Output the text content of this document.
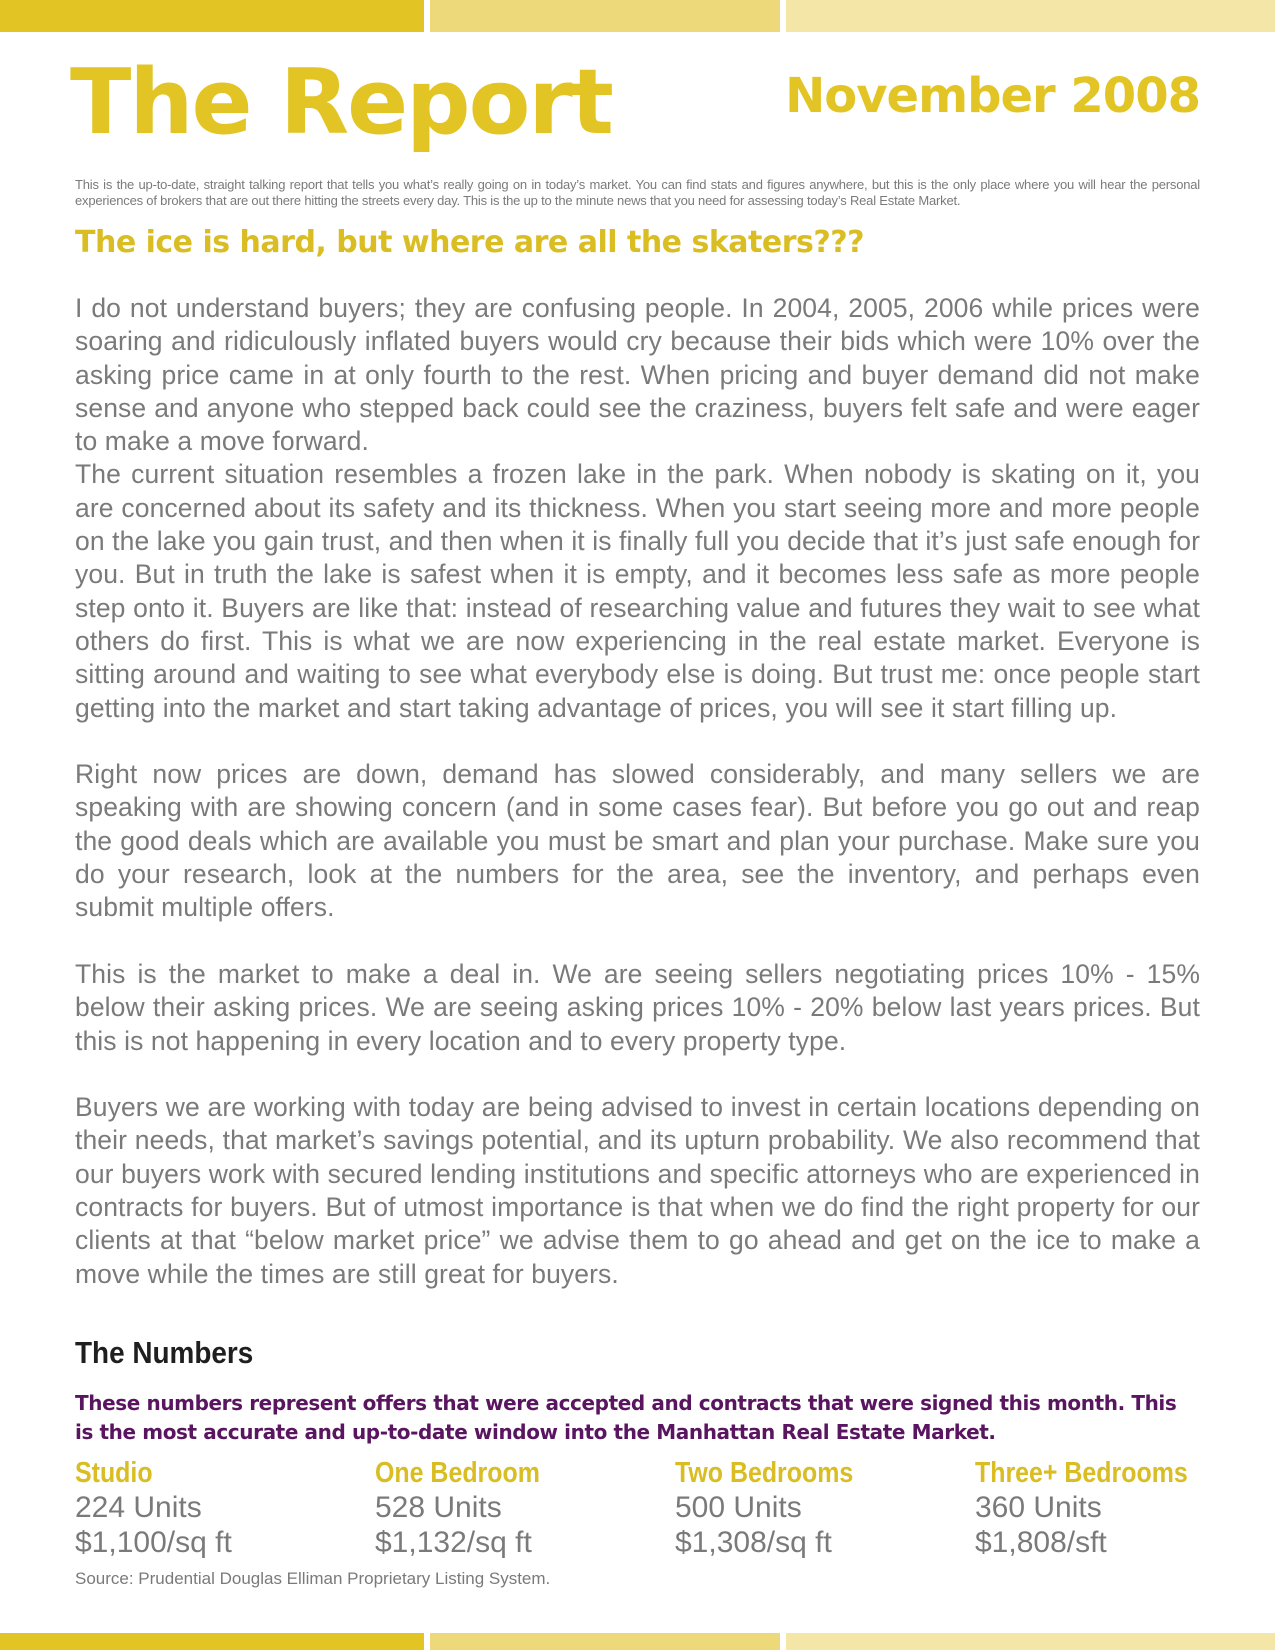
The Report	November 2008
This is the up-to-date, straight talking report that tells you what’s really going on in today’s market. You can find stats and figures anywhere, but this is the only place where you will hear the personal experiences of brokers that are out there hitting the streets every day. This is the up to the minute news that you need for assessing today’s Real Estate Market.
The ice is hard, but where are all the skaters???

I do not understand buyers; they are confusing people. In 2004, 2005, 2006 while prices were soaring and ridiculously inflated buyers would cry because their bids which were 10% over the asking price came in at only fourth to the rest. When pricing and buyer demand did not make sense and anyone who stepped back could see the craziness, buyers felt safe and were eager to make a move forward.

The current situation resembles a frozen lake in the park. When nobody is skating on it, you are concerned about its safety and its thickness. When you start seeing more and more people on the lake you gain trust, and then when it is finally full you decide that it’s just safe enough for you. But in truth the lake is safest when it is empty, and it becomes less safe as more people step onto it. Buyers are like that: instead of researching value and futures they wait to see what others do first. This is what we are now experiencing in the real estate market. Everyone is sitting around and waiting to see what everybody else is doing. But trust me: once people start getting into the market and start taking advantage of prices, you will see it start filling up.

Right now prices are down, demand has slowed considerably, and many sellers we are speaking with are showing concern (and in some cases fear). But before you go out and reap the good deals which are available you must be smart and plan your purchase. Make sure you do your research, look at the numbers for the area, see the inventory, and perhaps even submit multiple offers.

This is the market to make a deal in. We are seeing sellers negotiating prices 10% - 15% below their asking prices. We are seeing asking prices 10% - 20% below last years prices. But this is not happening in every location and to every property type.

Buyers we are working with today are being advised to invest in certain locations depending on their needs, that market’s savings potential, and its upturn probability. We also recommend that our buyers work with secured lending institutions and specific attorneys who are experienced in contracts for buyers. But of utmost importance is that when we do find the right property for our clients at that “below market price” we advise them to go ahead and get on the ice to make a move while the times are still great for buyers.

The Numbers
These numbers represent offers that were accepted and contracts that were signed this month. This is the most accurate and up-to-date window into the Manhattan Real Estate Market.
Studio
224 Units
$1,100/sq ft
One Bedroom
528 Units
$1,132/sq ft
Two Bedrooms
500 Units
$1,308/sq ft
Three+ Bedrooms
360 Units
$1,808/sft
Source: Prudential Douglas Elliman Proprietary Listing System.
